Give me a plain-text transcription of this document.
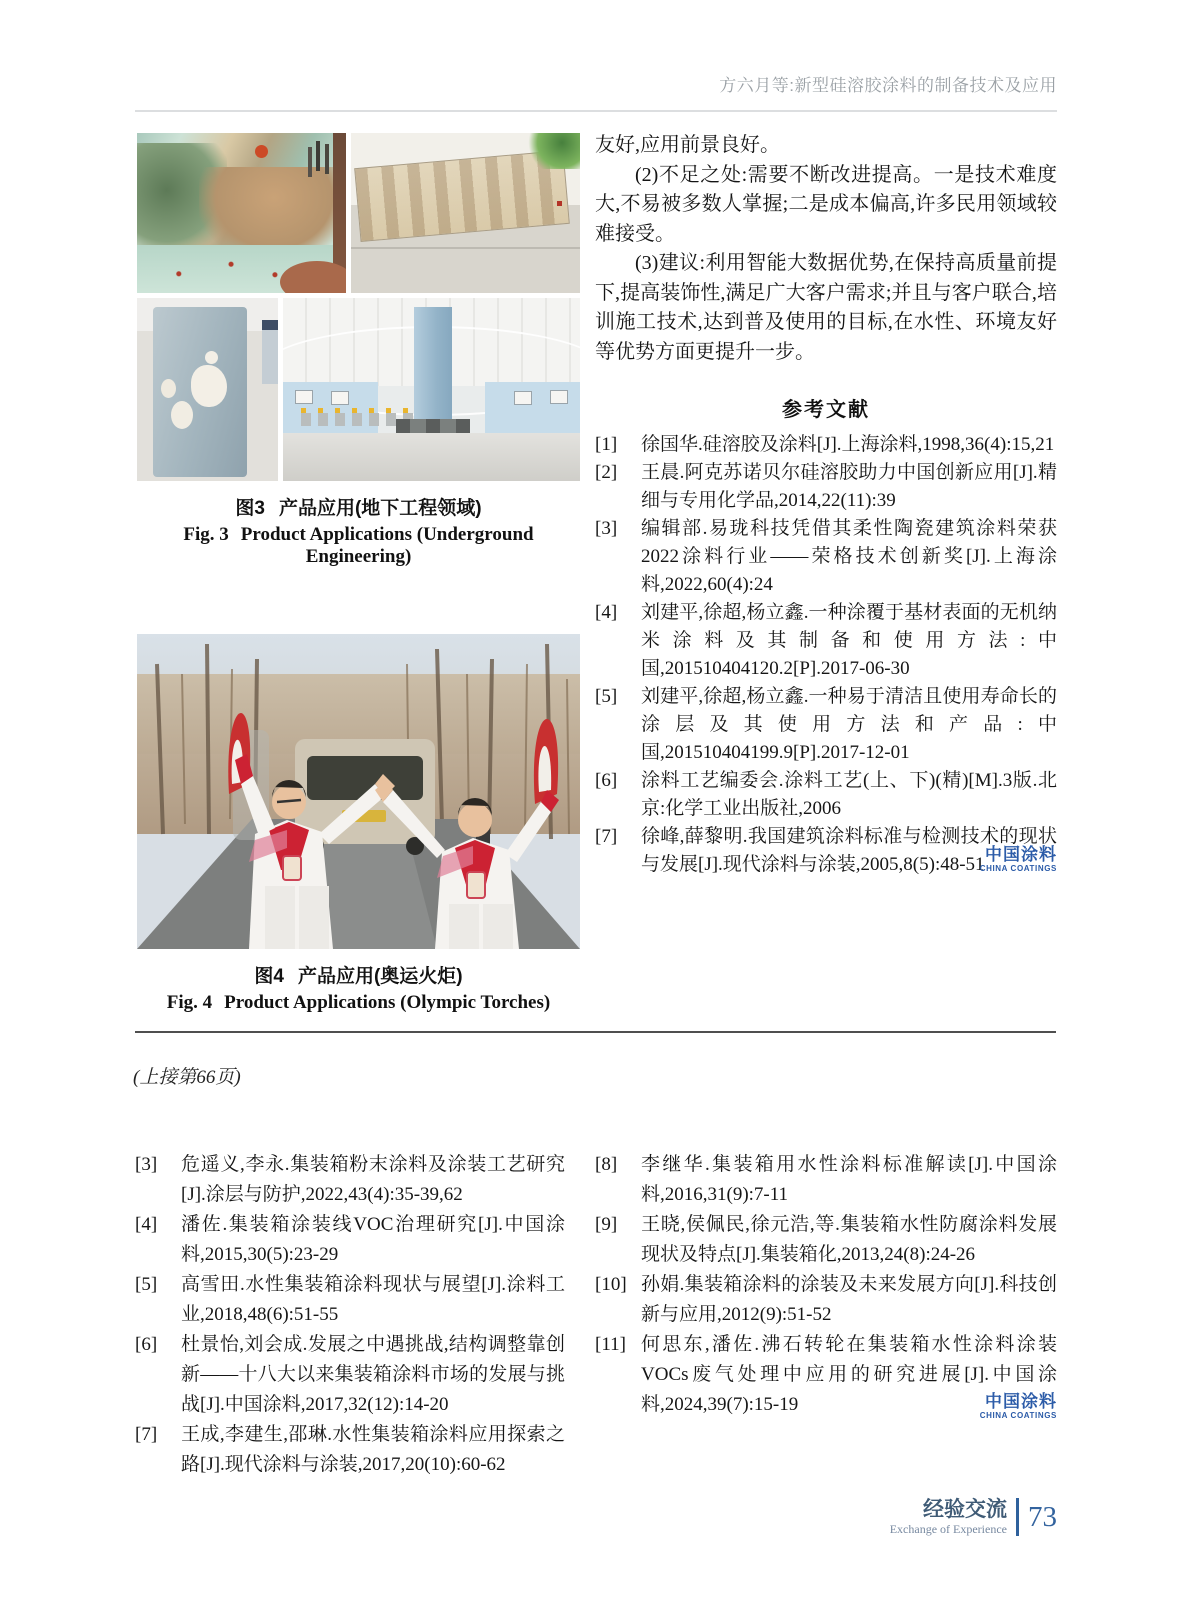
方六月等:新型硅溶胶涂料的制备技术及应用
图3 产品应用(地下工程领域)
Fig. 3 Product Applications (Underground Engineering)
图4 产品应用(奥运火炬)
Fig. 4 Product Applications (Olympic Torches)
友好,应用前景良好。
(2)不足之处:需要不断改进提高。一是技术难度大,不易被多数人掌握;二是成本偏高,许多民用领域较难接受。
(3)建议:利用智能大数据优势,在保持高质量前提下,提高装饰性,满足广大客户需求;并且与客户联合,培训施工技术,达到普及使用的目标,在水性、环境友好等优势方面更提升一步。
参考文献
[1]	徐国华.硅溶胶及涂料[J].上海涂料,1998,36(4):15,21
[2]	王晨.阿克苏诺贝尔硅溶胶助力中国创新应用[J].精细与专用化学品,2014,22(11):39
[3]	编辑部.易珑科技凭借其柔性陶瓷建筑涂料荣获2022涂料行业——荣格技术创新奖[J].上海涂料,2022,60(4):24
[4]	刘建平,徐超,杨立鑫.一种涂覆于基材表面的无机纳米涂料及其制备和使用方法:中国,201510404120.2[P].2017-06-30
[5]	刘建平,徐超,杨立鑫.一种易于清洁且使用寿命长的涂层及其使用方法和产品:中国,201510404199.9[P].2017-12-01
[6]	涂料工艺编委会.涂料工艺(上、下)(精)[M].3版.北京:化学工业出版社,2006
[7]	徐峰,薛黎明.我国建筑涂料标准与检测技术的现状与发展[J].现代涂料与涂装,2005,8(5):48-51 中国涂料
CHINA COATINGS
(上接第66页)
[3]	危遥义,李永.集装箱粉末涂料及涂装工艺研究[J].涂层与防护,2022,43(4):35-39,62
[4]	潘佐.集装箱涂装线VOC治理研究[J].中国涂料,2015,30(5):23-29
[5]	高雪田.水性集装箱涂料现状与展望[J].涂料工业,2018,48(6):51-55
[6]	杜景怡,刘会成.发展之中遇挑战,结构调整靠创新——十八大以来集装箱涂料市场的发展与挑战[J].中国涂料,2017,32(12):14-20
[7]	王成,李建生,邵琳.水性集装箱涂料应用探索之路[J].现代涂料与涂装,2017,20(10):60-62
[8]	李继华.集装箱用水性涂料标准解读[J].中国涂料,2016,31(9):7-11
[9]	王晓,侯佩民,徐元浩,等.集装箱水性防腐涂料发展现状及特点[J].集装箱化,2013,24(8):24-26
[10] 孙娟.集装箱涂料的涂装及未来发展方向[J].科技创新与应用,2012(9):51-52
[11] 何思东,潘佐.沸石转轮在集装箱水性涂料涂装VOCs废气处理中应用的研究进展[J].中国涂料,2024,39(7):15-19	中国涂料
CHINA COATINGS
经验交流
Exchange of Experience 73
